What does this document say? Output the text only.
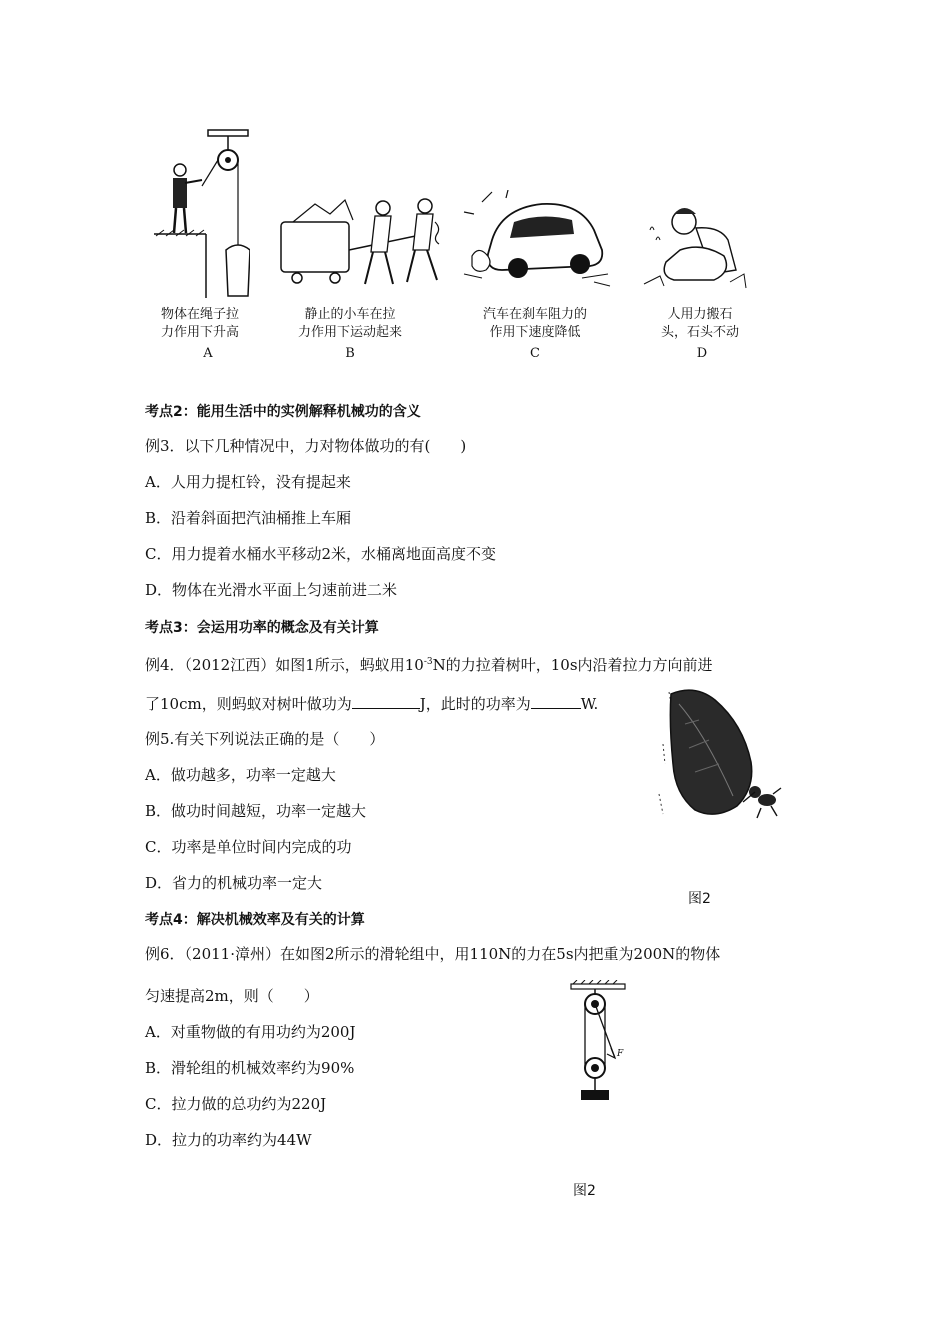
物体在绳子拉
力作用下升高
A
静止的小车在拉
力作用下运动起来
B
汽车在刹车阻力的
作用下速度降低
C
人用力搬石
头，石头不动
D
考点2：能用生活中的实例解释机械功的含义
例3．以下几种情况中，力对物体做功的有(　　)
A．人用力提杠铃，没有提起来
B．沿着斜面把汽油桶推上车厢
C．用力提着水桶水平移动2米，水桶离地面高度不变
D．物体在光滑水平面上匀速前进二米
考点3：会运用功率的概念及有关计算
例4．（2012江西）如图1所示，蚂蚁用$10^{-3}N$的力拉着树叶，10s内沿着拉力方向前进
了10cm，则蚂蚁对树叶做功为	J，此时的功率为	W.
例5.有关下列说法正确的是（　　）
A．做功越多，功率一定越大
B．做功时间越短，功率一定越大
C．功率是单位时间内完成的功
D．省力的机械功率一定大
图2
考点4：解决机械效率及有关的计算
例6．（2011·漳州）在如图2所示的滑轮组中，用110N的力在5s内把重为200N的物体
匀速提高2m，则（　　）
F
A．对重物做的有用功约为200J
B．滑轮组的机械效率约为90%
C．拉力做的总功约为220J
D．拉力的功率约为44W
图2
